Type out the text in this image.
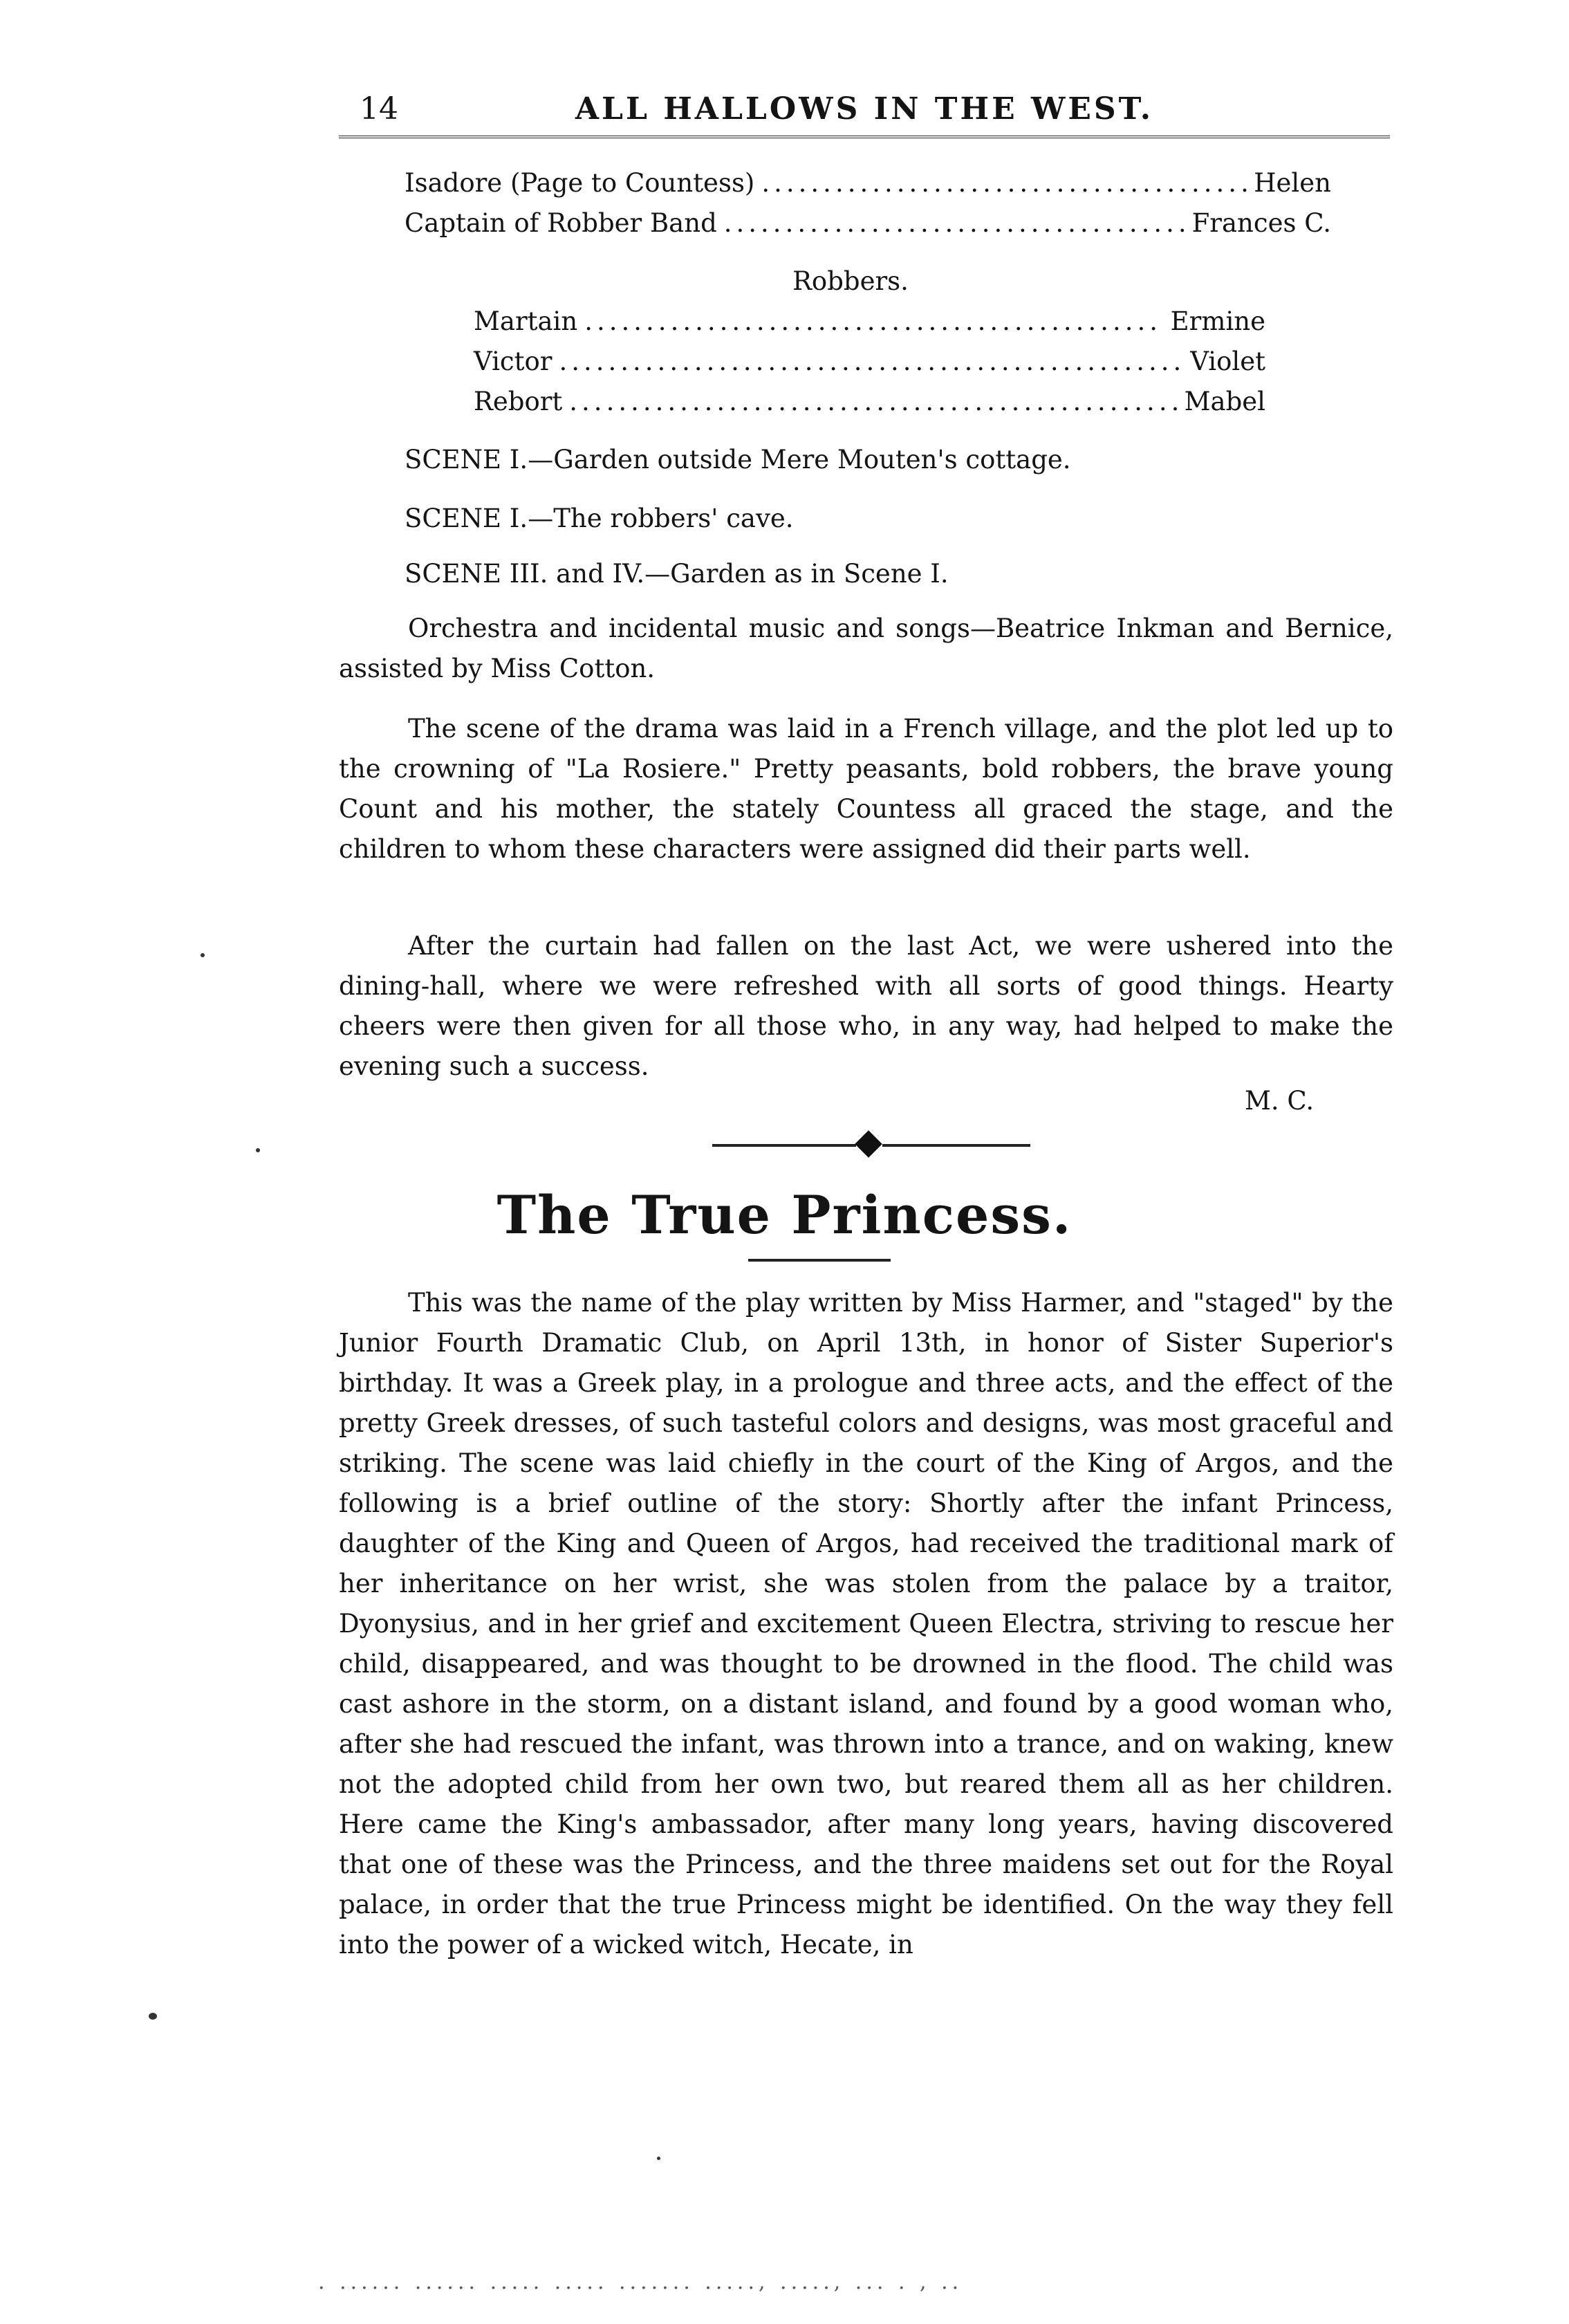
14	ALL HALLOWS IN THE WEST.
Isadore (Page to Countess) .....	Helen
Captain of Robber Band .....	Frances C.
Robbers.
Martain .....	Ermine
Victor .....	Violet
Rebort .....	Mabel
SCENE I.—Garden outside Mere Mouten's cottage.
SCENE I.—The robbers' cave.
SCENE III. and IV.—Garden as in Scene I.

Orchestra and incidental music and songs—Beatrice Inkman and Bernice, assisted by Miss Cotton.

The scene of the drama was laid in a French village, and the plot led up to the crowning of "La Rosiere." Pretty peasants, bold robbers, the brave young Count and his mother, the stately Countess all graced the stage, and the children to whom these characters were assigned did their parts well.

After the curtain had fallen on the last Act, we were ushered into the dining-hall, where we were refreshed with all sorts of good things. Hearty cheers were then given for all those who, in any way, had helped to make the evening such a success.

M. C.
The True Princess.

This was the name of the play written by Miss Harmer, and "staged" by the Junior Fourth Dramatic Club, on April 13th, in honor of Sister Superior's birthday. It was a Greek play, in a prologue and three acts, and the effect of the pretty Greek dresses, of such tasteful colors and designs, was most graceful and striking. The scene was laid chiefly in the court of the King of Argos, and the following is a brief outline of the story: Shortly after the infant Princess, daughter of the King and Queen of Argos, had received the traditional mark of her inheritance on her wrist, she was stolen from the palace by a traitor, Dyonysius, and in her grief and excitement Queen Electra, striving to rescue her child, disappeared, and was thought to be drowned in the flood. The child was cast ashore in the storm, on a distant island, and found by a good woman who, after she had rescued the infant, was thrown into a trance, and on waking, knew not the adopted child from her own two, but reared them all as her children. Here came the King's ambassador, after many long years, having discovered that one of these was the Princess, and the three maidens set out for the Royal palace, in order that the true Princess might be identified. On the way they fell into the power of a wicked witch, Hecate, in

. ...... ...... ..... ..... ....... ....., ....., ... . , ..
